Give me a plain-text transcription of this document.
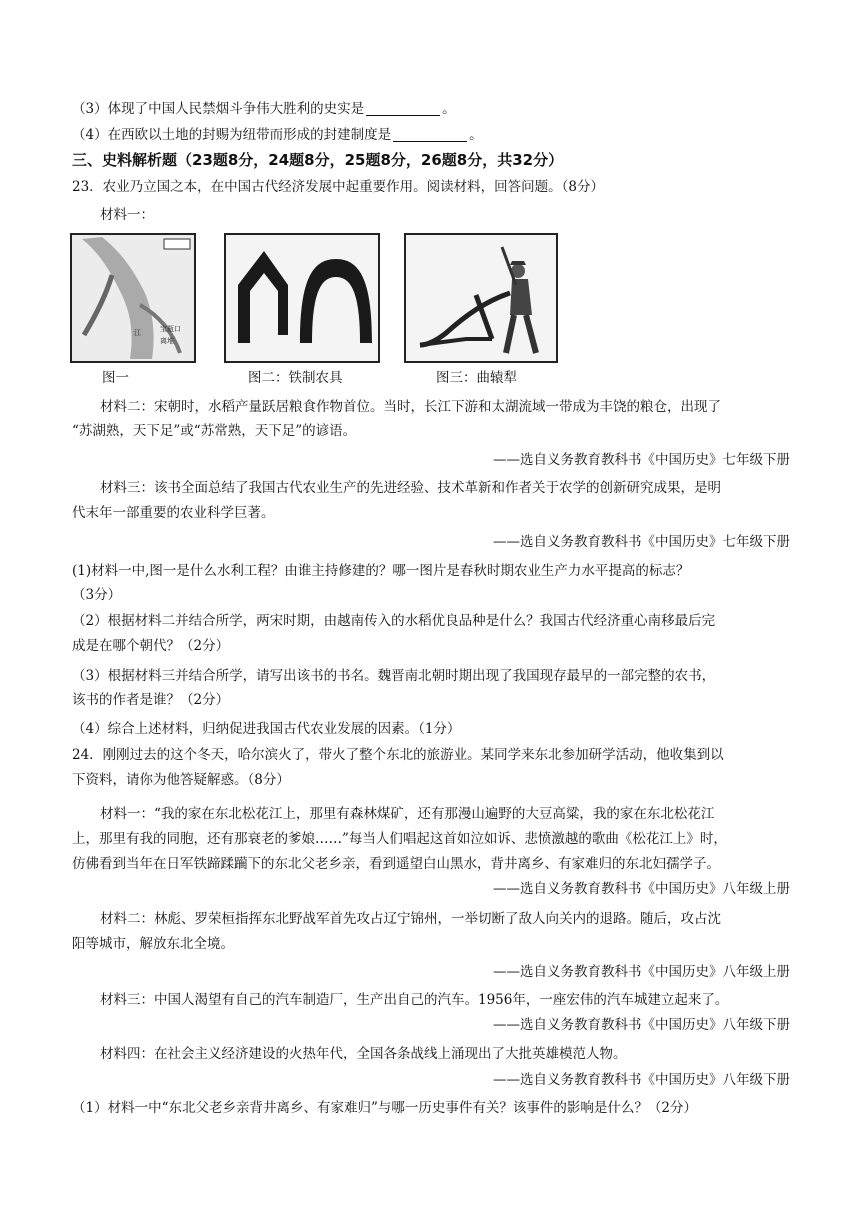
（3）体现了中国人民禁烟斗争伟大胜利的史实是	。
（4）在西欧以土地的封赐为纽带而形成的封建制度是	。
三、史料解析题（23题8分，24题8分，25题8分，26题8分，共32分）
23．农业乃立国之本，在中国古代经济发展中起重要作用。阅读材料，回答问题。（8分）
材料一：
江	宝瓶口
离堆
图一	图二：铁制农具	图三：曲辕犁
材料二：宋朝时，水稻产量跃居粮食作物首位。当时，长江下游和太湖流域一带成为丰饶的粮仓，出现了
“苏湖熟，天下足”或“苏常熟，天下足”的谚语。
——选自义务教育教科书《中国历史》七年级下册
材料三：该书全面总结了我国古代农业生产的先进经验、技术革新和作者关于农学的创新研究成果，是明
代末年一部重要的农业科学巨著。
——选自义务教育教科书《中国历史》七年级下册
(1)材料一中,图一是什么水利工程？由谁主持修建的？哪一图片是春秋时期农业生产力水平提高的标志？
（3分）
（2）根据材料二并结合所学，两宋时期，由越南传入的水稻优良品种是什么？我国古代经济重心南移最后完
成是在哪个朝代？（2分）
（3）根据材料三并结合所学，请写出该书的书名。魏晋南北朝时期出现了我国现存最早的一部完整的农书，
该书的作者是谁？（2分）
（4）综合上述材料，归纳促进我国古代农业发展的因素。（1分）
24．刚刚过去的这个冬天，哈尔滨火了，带火了整个东北的旅游业。某同学来东北参加研学活动，他收集到以
下资料，请你为他答疑解惑。（8分）
材料一：“我的家在东北松花江上，那里有森林煤矿，还有那漫山遍野的大豆高粱，我的家在东北松花江
上，那里有我的同胞，还有那衰老的爹娘……”每当人们唱起这首如泣如诉、悲愤激越的歌曲《松花江上》时，
仿佛看到当年在日军铁蹄蹂躏下的东北父老乡亲，看到遥望白山黑水，背井离乡、有家难归的东北妇孺学子。
——选自义务教育教科书《中国历史》八年级上册
材料二：林彪、罗荣桓指挥东北野战军首先攻占辽宁锦州，一举切断了敌人向关内的退路。随后，攻占沈
阳等城市，解放东北全境。
——选自义务教育教科书《中国历史》八年级上册
材料三：中国人渴望有自己的汽车制造厂，生产出自己的汽车。1956年，一座宏伟的汽车城建立起来了。
——选自义务教育教科书《中国历史》八年级下册
材料四：在社会主义经济建设的火热年代，全国各条战线上涌现出了大批英雄模范人物。
——选自义务教育教科书《中国历史》八年级下册
（1）材料一中“东北父老乡亲背井离乡、有家难归”与哪一历史事件有关？该事件的影响是什么？（2分）
